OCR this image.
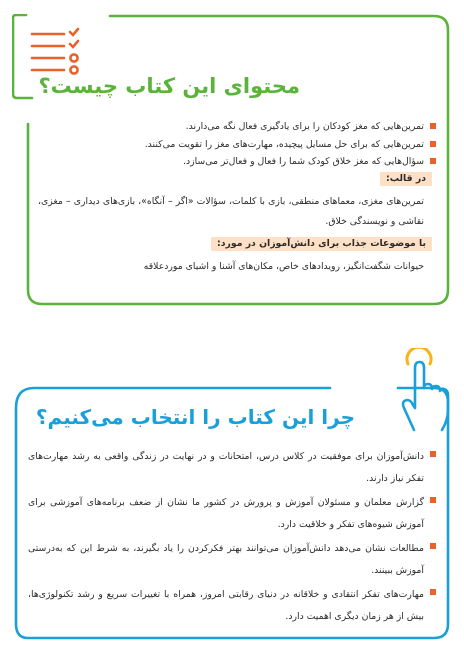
محتوای این کتاب چیست؟
تمرین‌هایی که مغز کودکان را برای یادگیری فعال نگه می‌دارند.
تمرین‌هایی که برای حل مسایل پیچیده، مهارت‌های مغز را تقویت می‌کنند.
سؤال‌هایی که مغز خلاق کودک شما را فعال و فعال‌تر می‌سازد.
در قالب:
تمرین‌های مغزی، معماهای منطقی، بازی با کلمات، سؤالات «اگر – آنگاه»، بازی‌های دیداری – مغزی، نقاشی و نویسندگی خلاق.
با موضوعات جذاب برای دانش‌آموزان در مورد:
حیوانات شگفت‌انگیز، رویدادهای خاص، مکان‌های آشنا و اشیای موردعلاقه
چرا این کتاب را انتخاب می‌کنیم؟
دانش‌آموزان برای موفقیت در کلاس درس، امتحانات و در نهایت در زندگی واقعی به رشد مهارت‌های تفکر نیاز دارند.
گزارش معلمان و مسئولان آموزش و پرورش در کشور ما نشان از ضعف برنامه‌های آموزشی برای آموزش شیوه‌های تفکر و خلاقیت دارد.
مطالعات نشان می‌دهد دانش‌آموزان می‌توانند بهتر فکرکردن را یاد بگیرند، به شرط این که به‌درستی آموزش ببینند.
مهارت‌های تفکر انتقادی و خلاقانه در دنیای رقابتی امروز، همراه با تغییرات سریع و رشد تکنولوژی‌ها، بیش از هر زمان دیگری اهمیت دارد.
